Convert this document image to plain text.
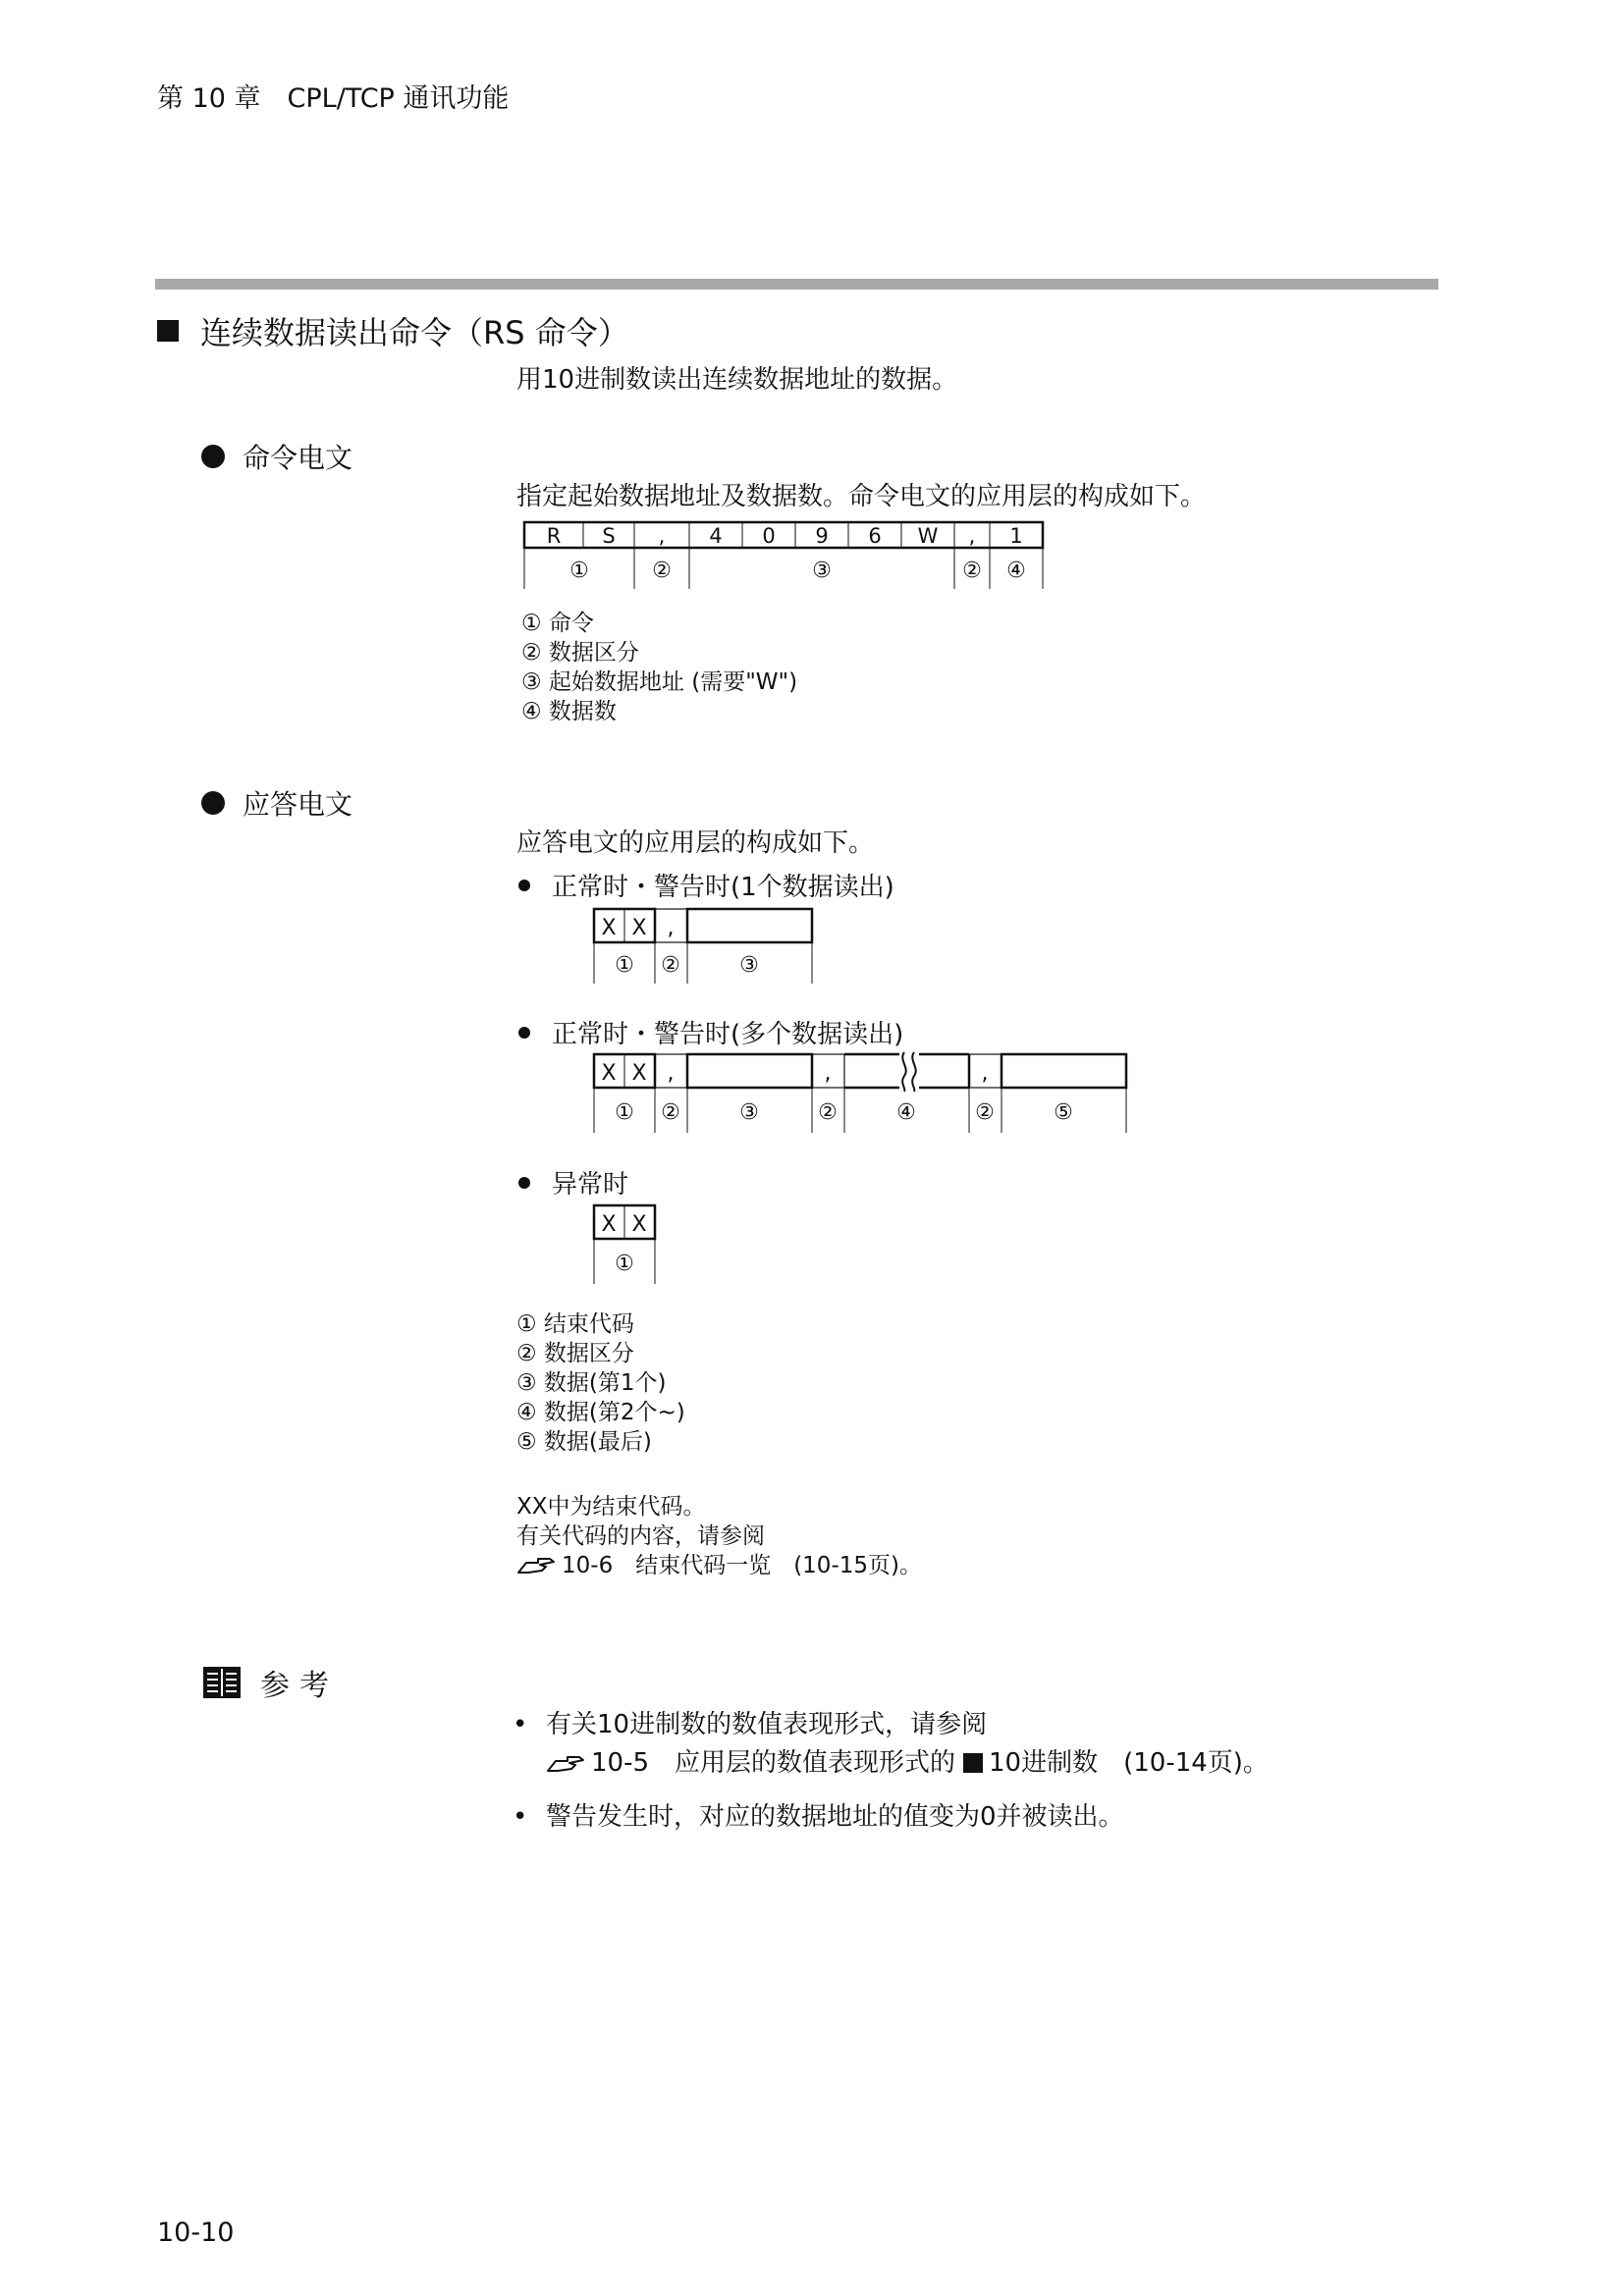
第 10 章　CPL/TCP 通讯功能
连续数据读出命令（RS 命令）
用10进制数读出连续数据地址的数据。
命令电文
指定起始数据地址及数据数。命令电文的应用层的构成如下。
R S , 4 0 9 6 W , 1
①	②	③	② ④
① 命令
② 数据区分
③ 起始数据地址 (需要"W")
④ 数据数
应答电文
应答电文的应用层的构成如下。
正常时・警告时(1个数据读出)
X X ,
① ②	③
正常时・警告时(多个数据读出)
X X ,	,	,
① ②	③	②	④	②	⑤
异常时
X X
①
① 结束代码
② 数据区分
③ 数据(第1个)
④ 数据(第2个~)
⑤ 数据(最后)
XX中为结束代码。
有关代码的内容，请参阅
10-6　结束代码一览　(10-15页)。
参考
• 有关10进制数的数值表现形式，请参阅
10-5　应用层的数值表现形式的 10进制数　(10-14页)。
• 警告发生时，对应的数据地址的值变为0并被读出。
10-10
